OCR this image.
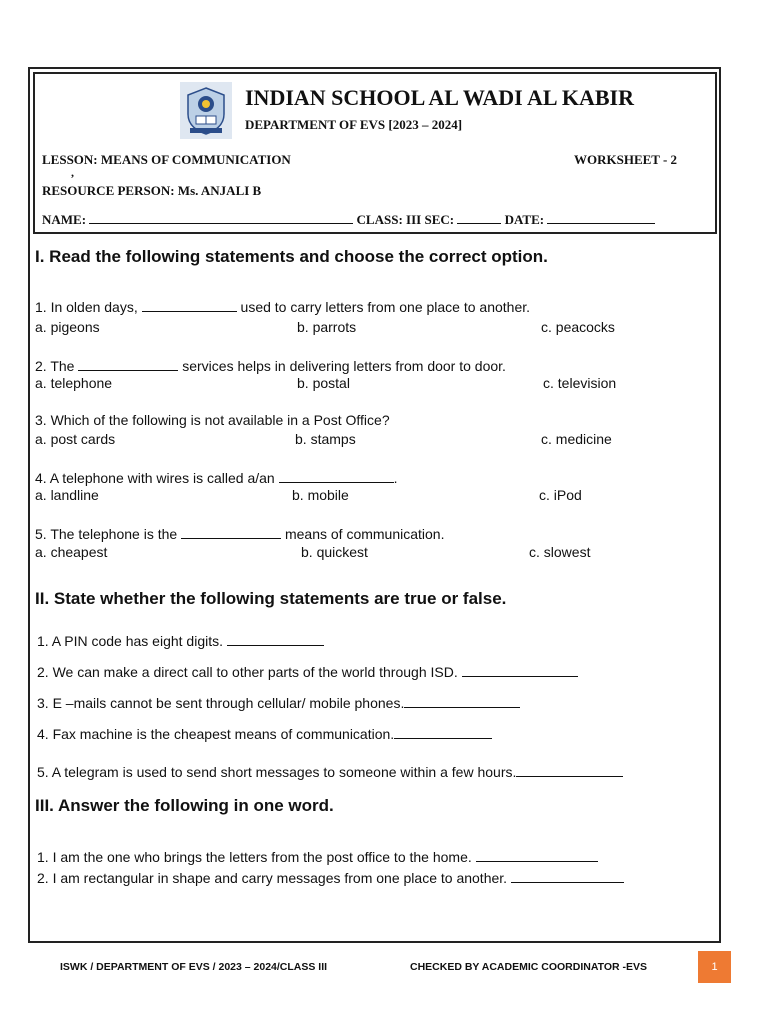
INDIAN SCHOOL AL WADI AL KABIR
DEPARTMENT OF EVS [2023 – 2024]
LESSON: MEANS OF COMMUNICATION	WORKSHEET - 2
,
RESOURCE PERSON: Ms. ANJALI B
NAME:	CLASS: III SEC:	DATE:
I. Read the following statements and choose the correct option.
1. In olden days,	used to carry letters from one place to another.
a. pigeons	b. parrots	c. peacocks
2. The	services helps in delivering letters from door to door.
a. telephone	b. postal	c. television
3. Which of the following is not available in a Post Office?
a. post cards	b. stamps	c. medicine
4. A telephone with wires is called a/an	.
a. landline	b. mobile	c. iPod
5. The telephone is the	means of communication.
a. cheapest	b. quickest	c. slowest
II. State whether the following statements are true or false.
1. A PIN code has eight digits.
2. We can make a direct call to other parts of the world through ISD.
3. E –mails cannot be sent through cellular/ mobile phones.
4. Fax machine is the cheapest means of communication.
5. A telegram is used to send short messages to someone within a few hours.
III. Answer the following in one word.
1. I am the one who brings the letters from the post office to the home.
2. I am rectangular in shape and carry messages from one place to another.
ISWK / DEPARTMENT OF EVS / 2023 – 2024/CLASS III	CHECKED BY ACADEMIC COORDINATOR -EVS	1
